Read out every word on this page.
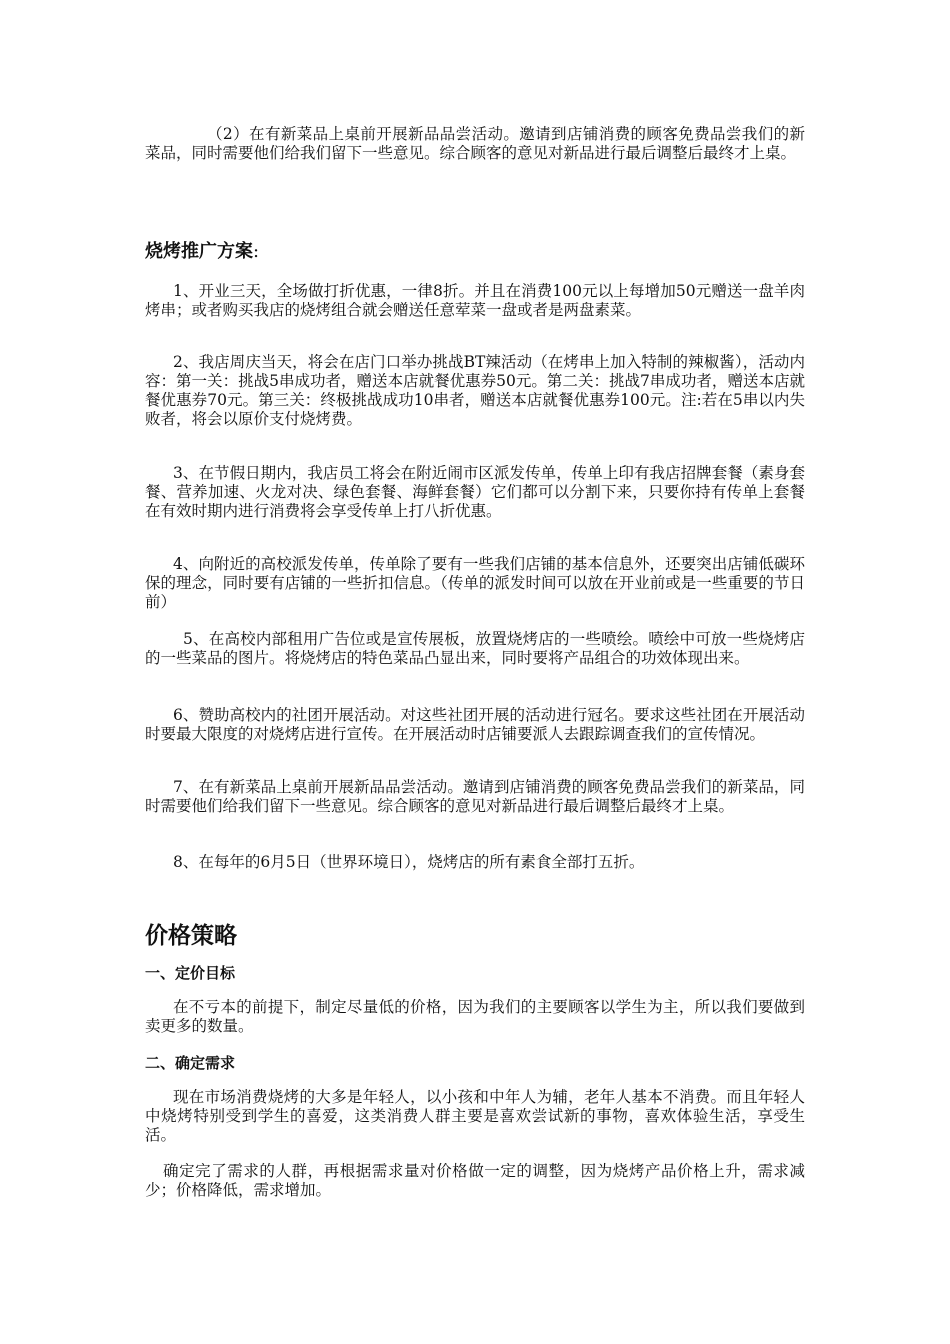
（2）在有新菜品上桌前开展新品品尝活动。邀请到店铺消费的顾客免费品尝我们的新菜品，同时需要他们给我们留下一些意见。综合顾客的意见对新品进行最后调整后最终才上桌。

烧烤推广方案:

1、开业三天，全场做打折优惠，一律8折。并且在消费100元以上每增加50元赠送一盘羊肉烤串；或者购买我店的烧烤组合就会赠送任意荤菜一盘或者是两盘素菜。

2、我店周庆当天，将会在店门口举办挑战BT辣活动（在烤串上加入特制的辣椒酱），活动内容：第一关：挑战5串成功者，赠送本店就餐优惠券50元。第二关：挑战7串成功者，赠送本店就餐优惠券70元。第三关：终极挑战成功10串者，赠送本店就餐优惠券100元。注:若在5串以内失败者，将会以原价支付烧烤费。

3、在节假日期内，我店员工将会在附近闹市区派发传单，传单上印有我店招牌套餐（素身套餐、营养加速、火龙对决、绿色套餐、海鲜套餐）它们都可以分割下来，只要你持有传单上套餐在有效时期内进行消费将会享受传单上打八折优惠。

4、向附近的高校派发传单，传单除了要有一些我们店铺的基本信息外，还要突出店铺低碳环保的理念，同时要有店铺的一些折扣信息。（传单的派发时间可以放在开业前或是一些重要的节日前）

5、在高校内部租用广告位或是宣传展板，放置烧烤店的一些喷绘。喷绘中可放一些烧烤店的一些菜品的图片。将烧烤店的特色菜品凸显出来，同时要将产品组合的功效体现出来。

6、赞助高校内的社团开展活动。对这些社团开展的活动进行冠名。要求这些社团在开展活动时要最大限度的对烧烤店进行宣传。在开展活动时店铺要派人去跟踪调查我们的宣传情况。

7、在有新菜品上桌前开展新品品尝活动。邀请到店铺消费的顾客免费品尝我们的新菜品，同时需要他们给我们留下一些意见。综合顾客的意见对新品进行最后调整后最终才上桌。

8、在每年的6月5日（世界环境日），烧烤店的所有素食全部打五折。

价格策略

一、定价目标

在不亏本的前提下，制定尽量低的价格，因为我们的主要顾客以学生为主，所以我们要做到卖更多的数量。

二、确定需求

现在市场消费烧烤的大多是年轻人，以小孩和中年人为辅，老年人基本不消费。而且年轻人中烧烤特别受到学生的喜爱，这类消费人群主要是喜欢尝试新的事物，喜欢体验生活，享受生活。

确定完了需求的人群，再根据需求量对价格做一定的调整，因为烧烤产品价格上升，需求减少；价格降低，需求增加。
